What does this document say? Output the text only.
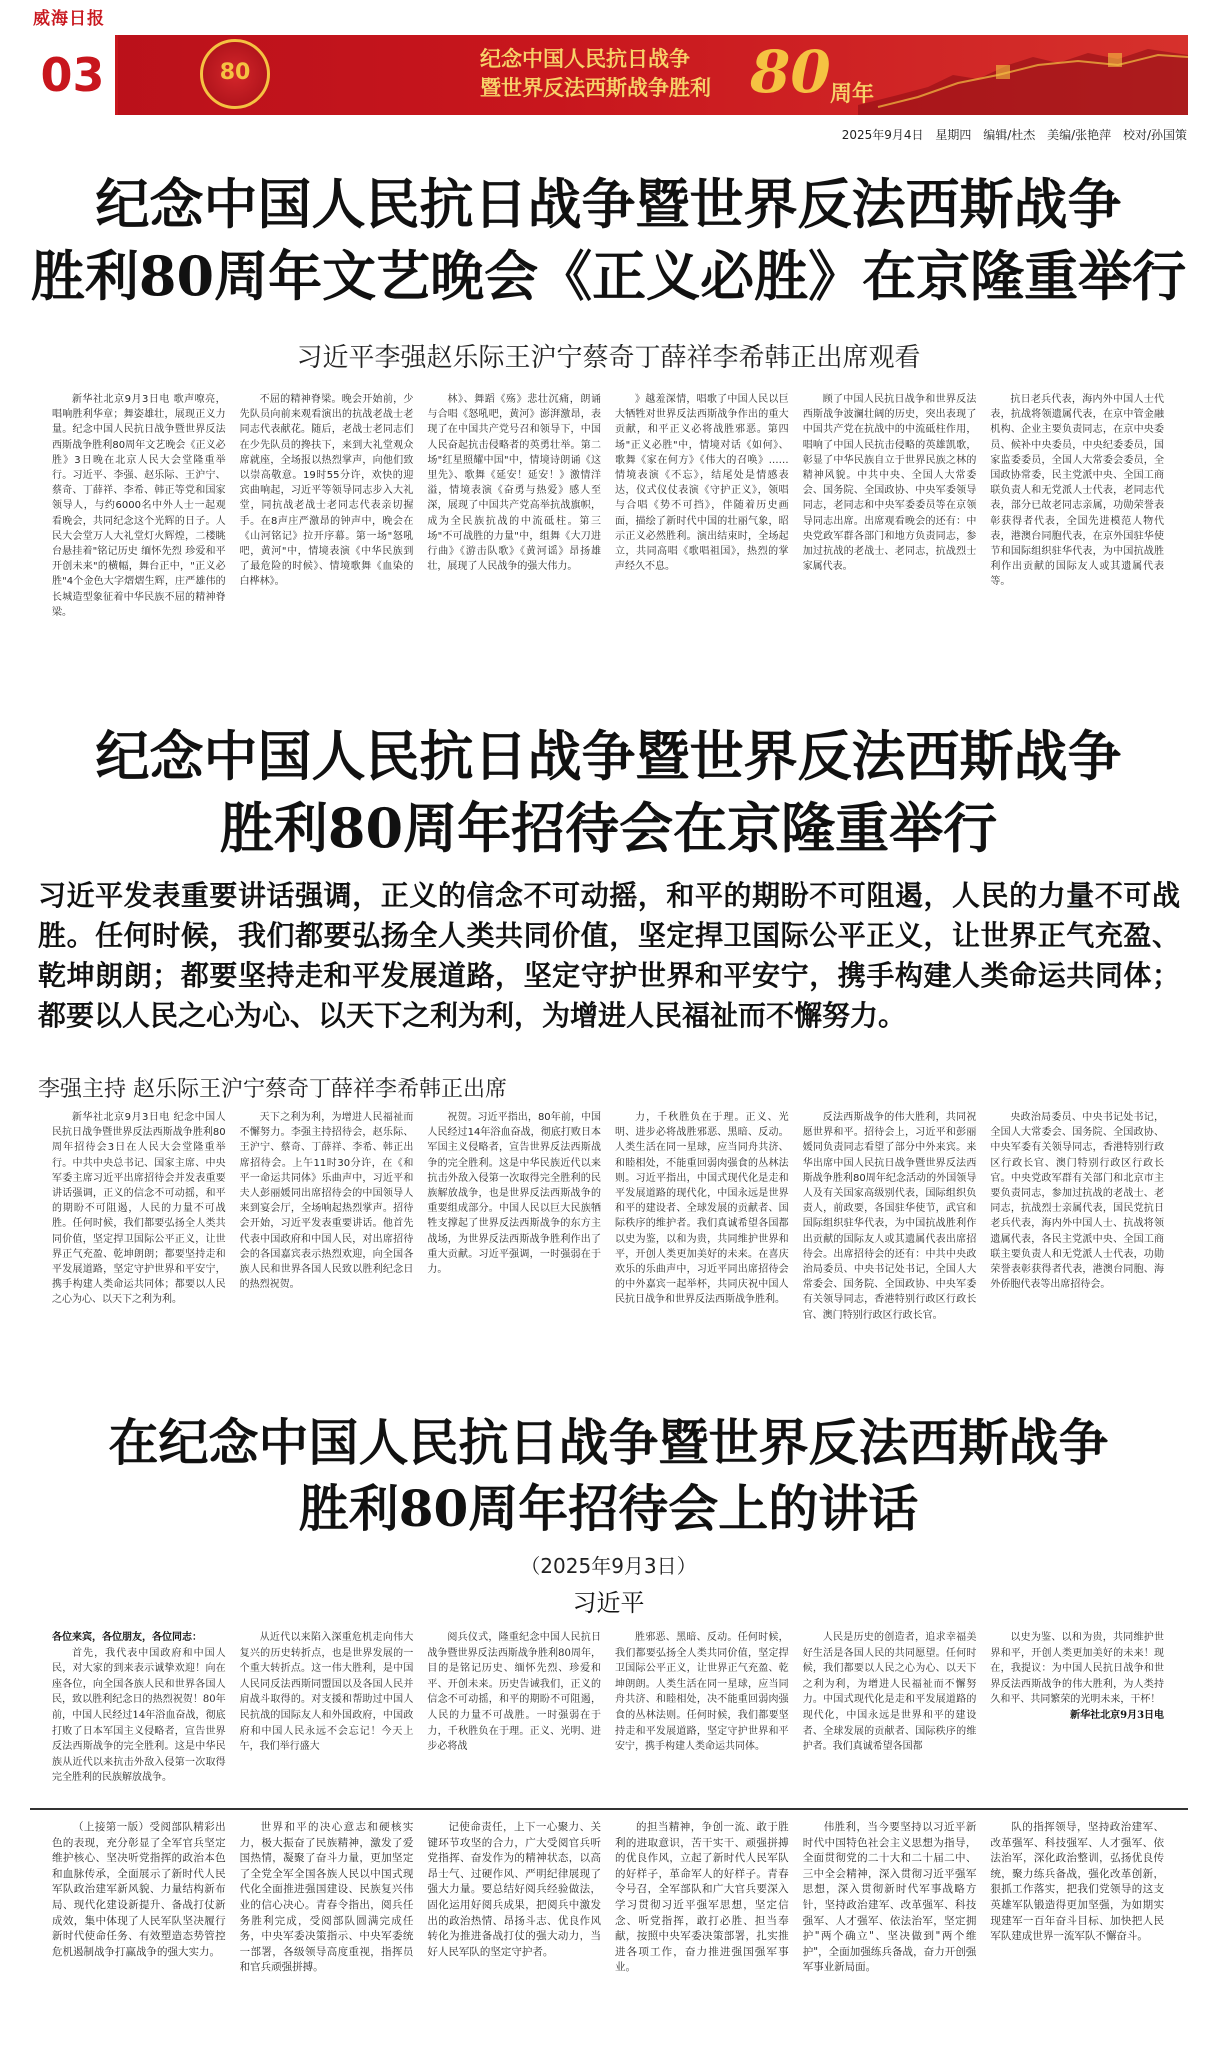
威海日报
03	80
纪念中国人民抗日战争
暨世界反法西斯战争胜利 80 周年
2025年9月4日 星期四 编辑/杜杰 美编/张艳萍 校对/孙国策
纪念中国人民抗日战争暨世界反法西斯战争
胜利80周年文艺晚会《正义必胜》在京隆重举行
习近平李强赵乐际王沪宁蔡奇丁薛祥李希韩正出席观看

新华社北京9月3日电 歌声嘹亮，唱响胜利华章；舞姿雄壮，展现正义力量。纪念中国人民抗日战争暨世界反法西斯战争胜利80周年文艺晚会《正义必胜》3日晚在北京人民大会堂隆重举行。习近平、李强、赵乐际、王沪宁、蔡奇、丁薛祥、李希、韩正等党和国家领导人，与约6000名中外人士一起观看晚会，共同纪念这个光辉的日子。人民大会堂万人大礼堂灯火辉煌，二楼眺台悬挂着"铭记历史 缅怀先烈 珍爱和平 开创未来"的横幅，舞台正中，"正义必胜"4个金色大字熠熠生辉，庄严雄伟的长城造型象征着中华民族不屈的精神脊梁。

不屈的精神脊梁。晚会开始前，少先队员向前来观看演出的抗战老战士老同志代表献花。随后，老战士老同志们在少先队员的搀扶下，来到大礼堂观众席就座，全场报以热烈掌声，向他们致以崇高敬意。19时55分许，欢快的迎宾曲响起，习近平等领导同志步入大礼堂，同抗战老战士老同志代表亲切握手。在8声庄严激昂的钟声中，晚会在《山河铭记》拉开序幕。第一场"怒吼吧，黄河"中，情境表演《中华民族到了最危险的时候》、情境歌舞《血染的白桦林》。

林》、舞蹈《殇》悲壮沉痛，朗诵与合唱《怒吼吧，黄河》澎湃激昂，表现了在中国共产党号召和领导下，中国人民奋起抗击侵略者的英勇壮举。第二场"红星照耀中国"中，情境诗朗诵《这里先》、歌舞《延安！延安！》激情洋溢，情境表演《奋勇与热爱》感人至深，展现了中国共产党高举抗战旗帜，成为全民族抗战的中流砥柱。第三场"不可战胜的力量"中，组舞《大刀进行曲》《游击队歌》《黄河谣》昂扬雄壮，展现了人民战争的强大伟力。

》越羞深情，唱歌了中国人民以巨大牺牲对世界反法西斯战争作出的重大贡献，和平正义必将战胜邪恶。第四场"正义必胜"中，情境对话《如何》、歌舞《家在何方》《伟大的召唤》……情境表演《不忘》，结尾处是情感表达，仪式仪仗表演《守护正义》，领唱与合唱《势不可挡》，伴随着历史画面，描绘了新时代中国的壮丽气象，昭示正义必然胜利。演出结束时，全场起立，共同高唱《歌唱祖国》，热烈的掌声经久不息。

顾了中国人民抗日战争和世界反法西斯战争波澜壮阔的历史，突出表现了中国共产党在抗战中的中流砥柱作用，唱响了中国人民抗击侵略的英雄凯歌，彰显了中华民族自立于世界民族之林的精神风貌。中共中央、全国人大常委会、国务院、全国政协、中央军委领导同志，老同志和中央军委委员等在京领导同志出席。出席观看晚会的还有：中央党政军群各部门和地方负责同志，参加过抗战的老战士、老同志，抗战烈士家属代表。

抗日老兵代表，海内外中国人士代表，抗战将领遗属代表，在京中管金融机构、企业主要负责同志，在京中央委员、候补中央委员，中央纪委委员，国家监委委员，全国人大常委会委员，全国政协常委，民主党派中央、全国工商联负责人和无党派人士代表，老同志代表，部分已故老同志亲属，功勋荣誉表彰获得者代表，全国先进模范人物代表，港澳台同胞代表，在京外国驻华使节和国际组织驻华代表，为中国抗战胜利作出贡献的国际友人或其遗属代表等。

纪念中国人民抗日战争暨世界反法西斯战争
胜利80周年招待会在京隆重举行
习近平发表重要讲话强调，正义的信念不可动摇，和平的期盼不可阻遏，人民的力量不可战胜。任何时候，我们都要弘扬全人类共同价值，坚定捍卫国际公平正义，让世界正气充盈、乾坤朗朗；都要坚持走和平发展道路，坚定守护世界和平安宁，携手构建人类命运共同体；都要以人民之心为心、以天下之利为利，为增进人民福祉而不懈努力。
李强主持 赵乐际王沪宁蔡奇丁薛祥李希韩正出席

新华社北京9月3日电 纪念中国人民抗日战争暨世界反法西斯战争胜利80周年招待会3日在人民大会堂隆重举行。中共中央总书记、国家主席、中央军委主席习近平出席招待会并发表重要讲话强调，正义的信念不可动摇，和平的期盼不可阻遏，人民的力量不可战胜。任何时候，我们都要弘扬全人类共同价值，坚定捍卫国际公平正义，让世界正气充盈、乾坤朗朗；都要坚持走和平发展道路，坚定守护世界和平安宁，携手构建人类命运共同体；都要以人民之心为心、以天下之利为利。

天下之利为利，为增进人民福祉而不懈努力。李强主持招待会，赵乐际、王沪宁、蔡奇、丁薛祥、李希、韩正出席招待会。上午11时30分许，在《和平一命运共同体》乐曲声中，习近平和夫人彭丽媛同出席招待会的中国领导人来到宴会厅，全场响起热烈掌声。招待会开始，习近平发表重要讲话。他首先代表中国政府和中国人民，对出席招待会的各国嘉宾表示热烈欢迎，向全国各族人民和世界各国人民致以胜利纪念日的热烈祝贺。

祝贺。习近平指出，80年前，中国人民经过14年浴血奋战，彻底打败日本军国主义侵略者，宣告世界反法西斯战争的完全胜利。这是中华民族近代以来抗击外敌入侵第一次取得完全胜利的民族解放战争，也是世界反法西斯战争的重要组成部分。中国人民以巨大民族牺牲支撑起了世界反法西斯战争的东方主战场，为世界反法西斯战争胜利作出了重大贡献。习近平强调，一时强弱在于力。

力，千秋胜负在于理。正义、光明、进步必将战胜邪恶、黑暗、反动。人类生活在同一星球，应当同舟共济、和睦相处，不能重回弱肉强食的丛林法则。习近平指出，中国式现代化是走和平发展道路的现代化，中国永远是世界和平的建设者、全球发展的贡献者、国际秩序的维护者。我们真诚希望各国都以史为鉴，以和为贵，共同维护世界和平，开创人类更加美好的未来。在喜庆欢乐的乐曲声中，习近平同出席招待会的中外嘉宾一起举杯，共同庆祝中国人民抗日战争和世界反法西斯战争胜利。

反法西斯战争的伟大胜利，共同祝愿世界和平。招待会上，习近平和彭丽媛同负责同志看望了部分中外来宾。来华出席中国人民抗日战争暨世界反法西斯战争胜利80周年纪念活动的外国领导人及有关国家高级别代表，国际组织负责人，前政要，各国驻华使节，武官和国际组织驻华代表，为中国抗战胜利作出贡献的国际友人或其遗属代表出席招待会。出席招待会的还有：中共中央政治局委员、中央书记处书记，全国人大常委会、国务院、全国政协、中央军委有关领导同志，香港特别行政区行政长官、澳门特别行政区行政长官。

央政治局委员、中央书记处书记，全国人大常委会、国务院、全国政协、中央军委有关领导同志，香港特别行政区行政长官、澳门特别行政区行政长官。中央党政军群有关部门和北京市主要负责同志，参加过抗战的老战士、老同志，抗战烈士亲属代表，国民党抗日老兵代表，海内外中国人士、抗战将领遗属代表，各民主党派中央、全国工商联主要负责人和无党派人士代表，功勋荣誉表彰获得者代表，港澳台同胞、海外侨胞代表等出席招待会。

在纪念中国人民抗日战争暨世界反法西斯战争
胜利80周年招待会上的讲话
（2025年9月3日）
习近平
各位来宾，各位朋友，各位同志：

首先，我代表中国政府和中国人民，对大家的到来表示诚挚欢迎！向在座各位，向全国各族人民和世界各国人民，致以胜利纪念日的热烈祝贺！80年前，中国人民经过14年浴血奋战，彻底打败了日本军国主义侵略者，宣告世界反法西斯战争的完全胜利。这是中华民族从近代以来抗击外敌入侵第一次取得完全胜利的民族解放战争。

从近代以来陷入深重危机走向伟大复兴的历史转折点，也是世界发展的一个重大转折点。这一伟大胜利，是中国人民同反法西斯同盟国以及各国人民并肩战斗取得的。对支援和帮助过中国人民抗战的国际友人和外国政府，中国政府和中国人民永远不会忘记！今天上午，我们举行盛大

阅兵仪式，隆重纪念中国人民抗日战争暨世界反法西斯战争胜利80周年，目的是铭记历史、缅怀先烈、珍爱和平、开创未来。历史告诫我们，正义的信念不可动摇，和平的期盼不可阻遏，人民的力量不可战胜。一时强弱在于力，千秋胜负在于理。正义、光明、进步必将战

胜邪恶、黑暗、反动。任何时候，我们都要弘扬全人类共同价值，坚定捍卫国际公平正义，让世界正气充盈、乾坤朗朗。人类生活在同一星球，应当同舟共济、和睦相处，决不能重回弱肉强食的丛林法则。任何时候，我们都要坚持走和平发展道路，坚定守护世界和平安宁，携手构建人类命运共同体。

人民是历史的创造者，追求幸福美好生活是各国人民的共同愿望。任何时候，我们都要以人民之心为心、以天下之利为利，为增进人民福祉而不懈努力。中国式现代化是走和平发展道路的现代化，中国永远是世界和平的建设者、全球发展的贡献者、国际秩序的维护者。我们真诚希望各国都

以史为鉴、以和为贵，共同维护世界和平，开创人类更加美好的未来！现在，我提议：为中国人民抗日战争和世界反法西斯战争的伟大胜利，为人类持久和平、共同繁荣的光明未来，干杯！

新华社北京9月3日电

（上接第一版）受阅部队精彩出色的表现，充分彰显了全军官兵坚定维护核心、坚决听党指挥的政治本色和血脉传承，全面展示了新时代人民军队政治建军新风貌、力量结构新布局、现代化建设新提升、备战打仗新成效，集中体现了人民军队坚决履行新时代使命任务、有效塑造态势管控危机遏制战争打赢战争的强大实力。

世界和平的决心意志和硬核实力，极大振奋了民族精神，激发了爱国热情，凝聚了奋斗力量，更加坚定了全党全军全国各族人民以中国式现代化全面推进强国建设、民族复兴伟业的信心决心。青春令指出，阅兵任务胜利完成，受阅部队圆满完成任务，中央军委决策指示、中央军委统一部署，各级领导高度重视，指挥员和官兵顽强拼搏。

记使命责任，上下一心聚力、关键环节攻坚的合力，广大受阅官兵听党指挥、奋发作为的精神状态，以高昂士气、过硬作风、严明纪律展现了强大力量。要总结好阅兵经验做法，固化运用好阅兵成果，把阅兵中激发出的政治热情、昂扬斗志、优良作风转化为推进备战打仗的强大动力，当好人民军队的坚定守护者。

的担当精神，争创一流、敢于胜利的进取意识，苦干实干、顽强拼搏的优良作风，立起了新时代人民军队的好样子，革命军人的好样子。青春令号召，全军部队和广大官兵要深入学习贯彻习近平强军思想，坚定信念、听党指挥，敢打必胜、担当奉献，按照中央军委决策部署，扎实推进各项工作，奋力推进强国强军事业。

伟胜利，当今要坚持以习近平新时代中国特色社会主义思想为指导，全面贯彻党的二十大和二十届二中、三中全会精神，深入贯彻习近平强军思想，深入贯彻新时代军事战略方针，坚持政治建军、改革强军、科技强军、人才强军、依法治军，坚定拥护"两个确立"、坚决做到"两个维护"，全面加强练兵备战，奋力开创强军事业新局面。

队的指挥领导，坚持政治建军、改革强军、科技强军、人才强军、依法治军，深化政治整训，弘扬优良传统，聚力练兵备战，强化改革创新，狠抓工作落实，把我们党领导的这支英雄军队锻造得更加坚强，为如期实现建军一百年奋斗目标、加快把人民军队建成世界一流军队不懈奋斗。
